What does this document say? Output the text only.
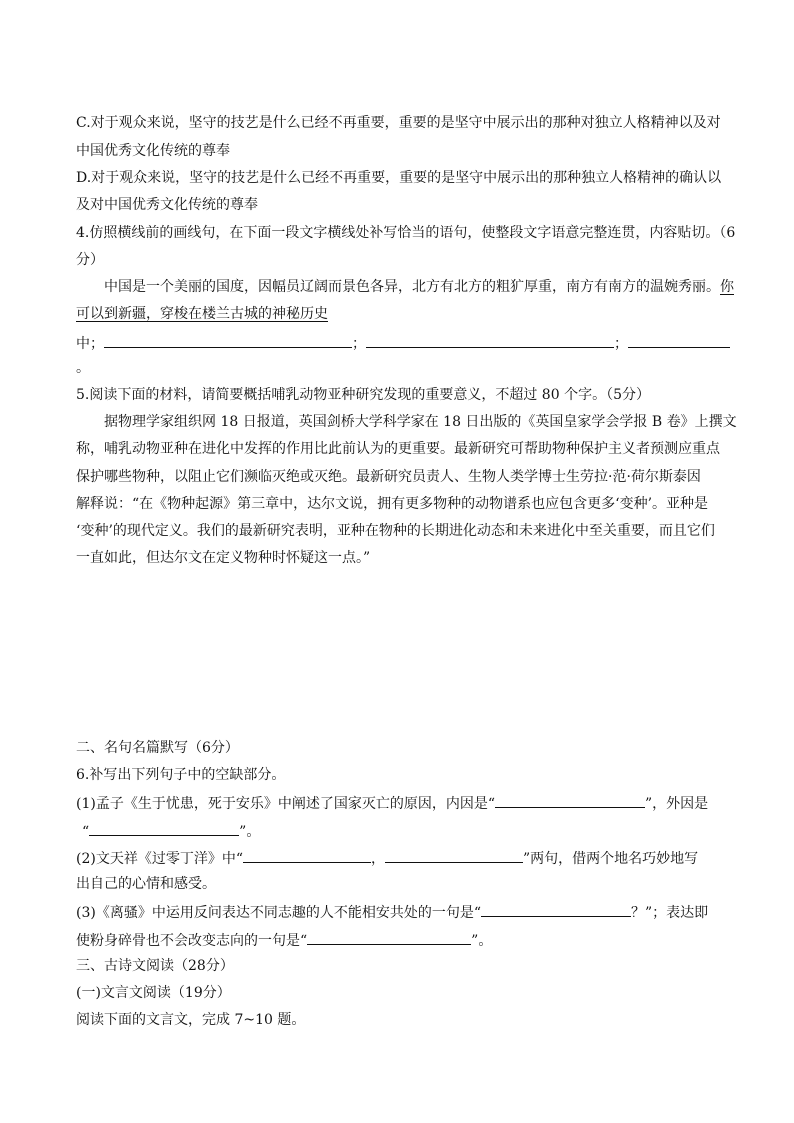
C.对于观众来说，坚守的技艺是什么已经不再重要，重要的是坚守中展示出的那种对独立人格精神以及对
中国优秀文化传统的尊奉
D.对于观众来说，坚守的技艺是什么已经不再重要，重要的是坚守中展示出的那种独立人格精神的确认以
及对中国优秀文化传统的尊奉
4.仿照横线前的画线句，在下面一段文字横线处补写恰当的语句，使整段文字语意完整连贯，内容贴切。（6
分）
中国是一个美丽的国度，因幅员辽阔而景色各异，北方有北方的粗犷厚重，南方有南方的温婉秀丽。你
可以到新疆，穿梭在楼兰古城的神秘历史
中；	；	；
。
5.阅读下面的材料，请简要概括哺乳动物亚种研究发现的重要意义，不超过 80 个字。（5分）
据物理学家组织网 18 日报道，英国剑桥大学科学家在 18 日出版的《英国皇家学会学报 B 卷》上撰文
称，哺乳动物亚种在进化中发挥的作用比此前认为的更重要。最新研究可帮助物种保护主义者预测应重点
保护哪些物种，以阻止它们濒临灭绝或灭绝。最新研究员责人、生物人类学博士生劳拉·范·荷尔斯泰因
解释说：“在《物种起源》第三章中，达尔文说，拥有更多物种的动物谱系也应包含更多‘变种’。亚种是
‘变种’的现代定义。我们的最新研究表明，亚种在物种的长期进化动态和未来进化中至关重要，而且它们
一直如此，但达尔文在定义物种时怀疑这一点。”
二、名句名篇默写（6分）
6.补写出下列句子中的空缺部分。
(1)孟子《生于忧患，死于安乐》中阐述了国家灭亡的原因，内因是“	”，外因是
“	”。
(2)文天祥《过零丁洋》中“	，	”两句，借两个地名巧妙地写
出自己的心情和感受。
(3)《离骚》中运用反问表达不同志趣的人不能相安共处的一句是“	？”；表达即
使粉身碎骨也不会改变志向的一句是“	”。
三、古诗文阅读（28分）
(一)文言文阅读（19分）
阅读下面的文言文，完成 7~10 题。
